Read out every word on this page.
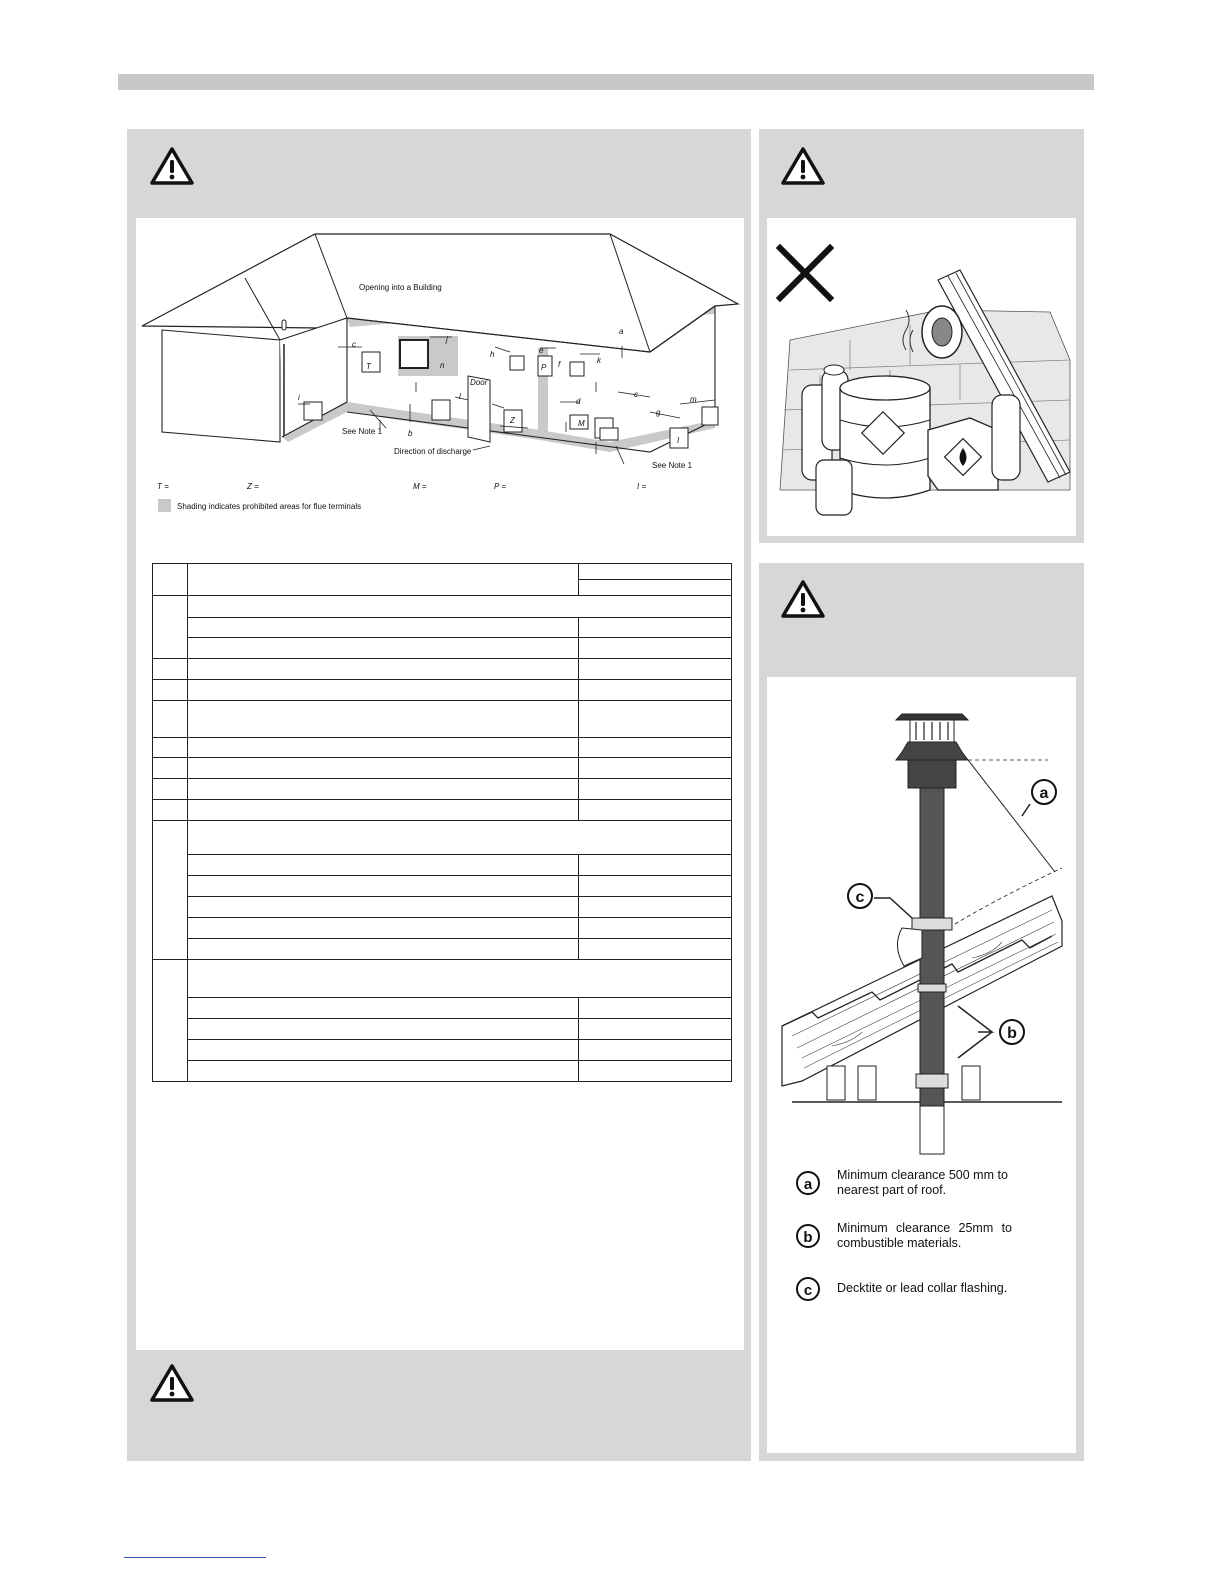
Opening into a Building
Door
See Note 1
Direction of discharge
See Note 1
a
b
c
c
d
e
f
g
h
i
j
k
l	m
n
T
Z
P
M
I
T =	Z =	M =	P =	I =
Shading indicates prohibited areas for flue terminals

a
c
b
a
Minimum clearance 500 mm to nearest part of roof.
b
Minimum clearance 25mm to combustible materials.
c	Decktite or lead collar flashing.
